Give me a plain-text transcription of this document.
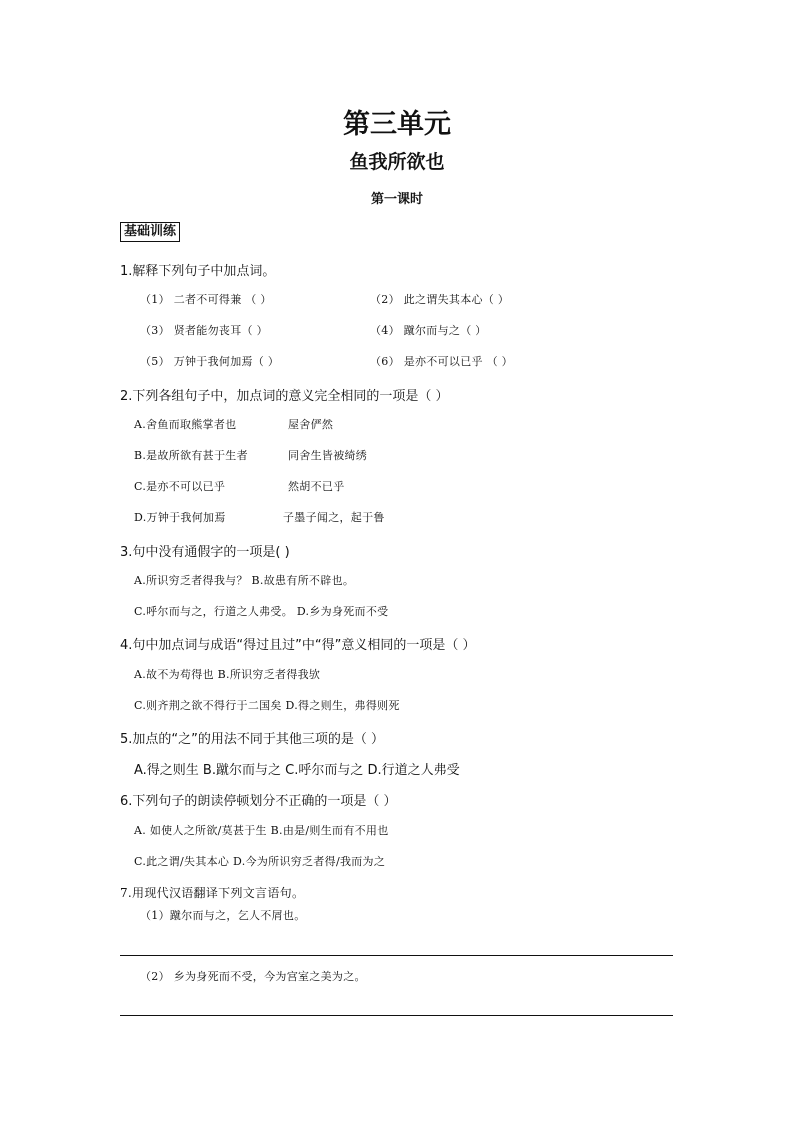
第三单元
鱼我所欲也
第一课时
基础训练
1.解释下列句子中加点词。
（1） 二者不可得兼 （ ）	（2） 此之谓失其本心（ ）
（3） 贤者能勿丧耳（ ）	（4） 蹴尔而与之（ ）
（5） 万钟于我何加焉（ ）	（6） 是亦不可以已乎 （ ）
2.下列各组句子中，加点词的意义完全相同的一项是（ ）
A.舍鱼而取熊掌者也	屋舍俨然
B.是故所欲有甚于生者	同舍生皆被绮绣
C.是亦不可以已乎	然胡不已乎
D.万钟于我何加焉	子墨子闻之，起于鲁
3.句中没有通假字的一项是( )
A.所识穷乏者得我与？ B.故患有所不辟也。
C.呼尔而与之，行道之人弗受。 D.乡为身死而不受
4.句中加点词与成语“得过且过”中“得”意义相同的一项是（ ）
A.故不为苟得也 B.所识穷乏者得我欤
C.则齐荆之欲不得行于二国矣 D.得之则生，弗得则死
5.加点的“之”的用法不同于其他三项的是（ ）
A.得之则生 B.蹴尔而与之 C.呼尔而与之 D.行道之人弗受
6.下列句子的朗读停顿划分不正确的一项是（ ）
A. 如使人之所欲/莫甚于生 B.由是/则生而有不用也
C.此之谓/失其本心 D.今为所识穷乏者得/我而为之
7.用现代汉语翻译下列文言语句。
（1）蹴尔而与之，乞人不屑也。
（2） 乡为身死而不受，今为宫室之美为之。
